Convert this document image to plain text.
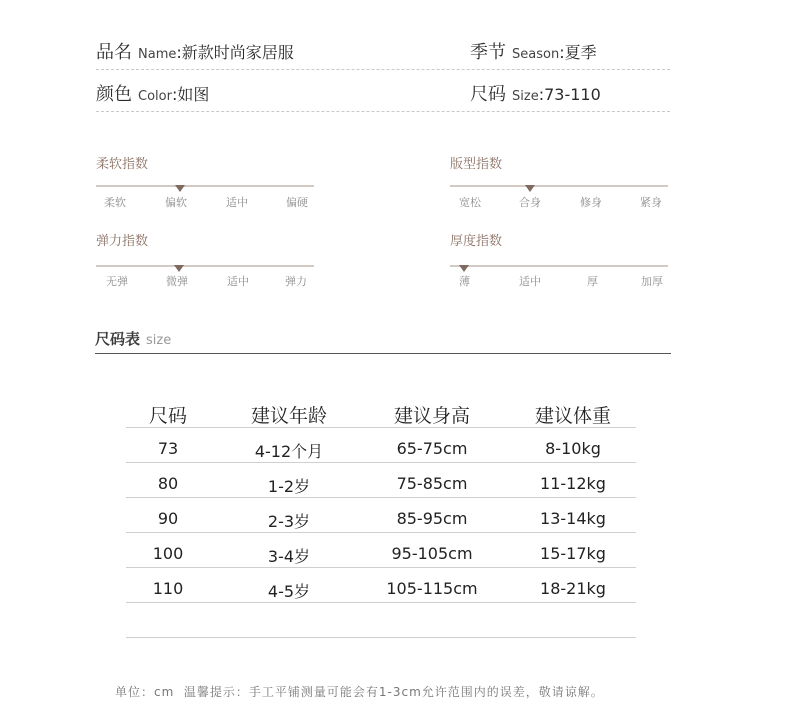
品名 Name:新款时尚家居服	季节 Season:夏季
颜色 Color:如图	尺码 Size:73-110
柔软指数
柔软	偏软	适中	偏硬
版型指数
宽松	合身	修身	紧身
弹力指数
无弹	微弹	适中	弹力
厚度指数
薄	适中	厚	加厚
尺码表 size
尺码	建议年龄	建议身高	建议体重
73	4-12个月	65-75cm	8-10kg
80	1-2岁	75-85cm	11-12kg
90	2-3岁	85-95cm	13-14kg
100	3-4岁	95-105cm	15-17kg
110	4-5岁	105-115cm	18-21kg
单位：cm  温馨提示：手工平铺测量可能会有1-3cm允许范围内的误差，敬请谅解。
